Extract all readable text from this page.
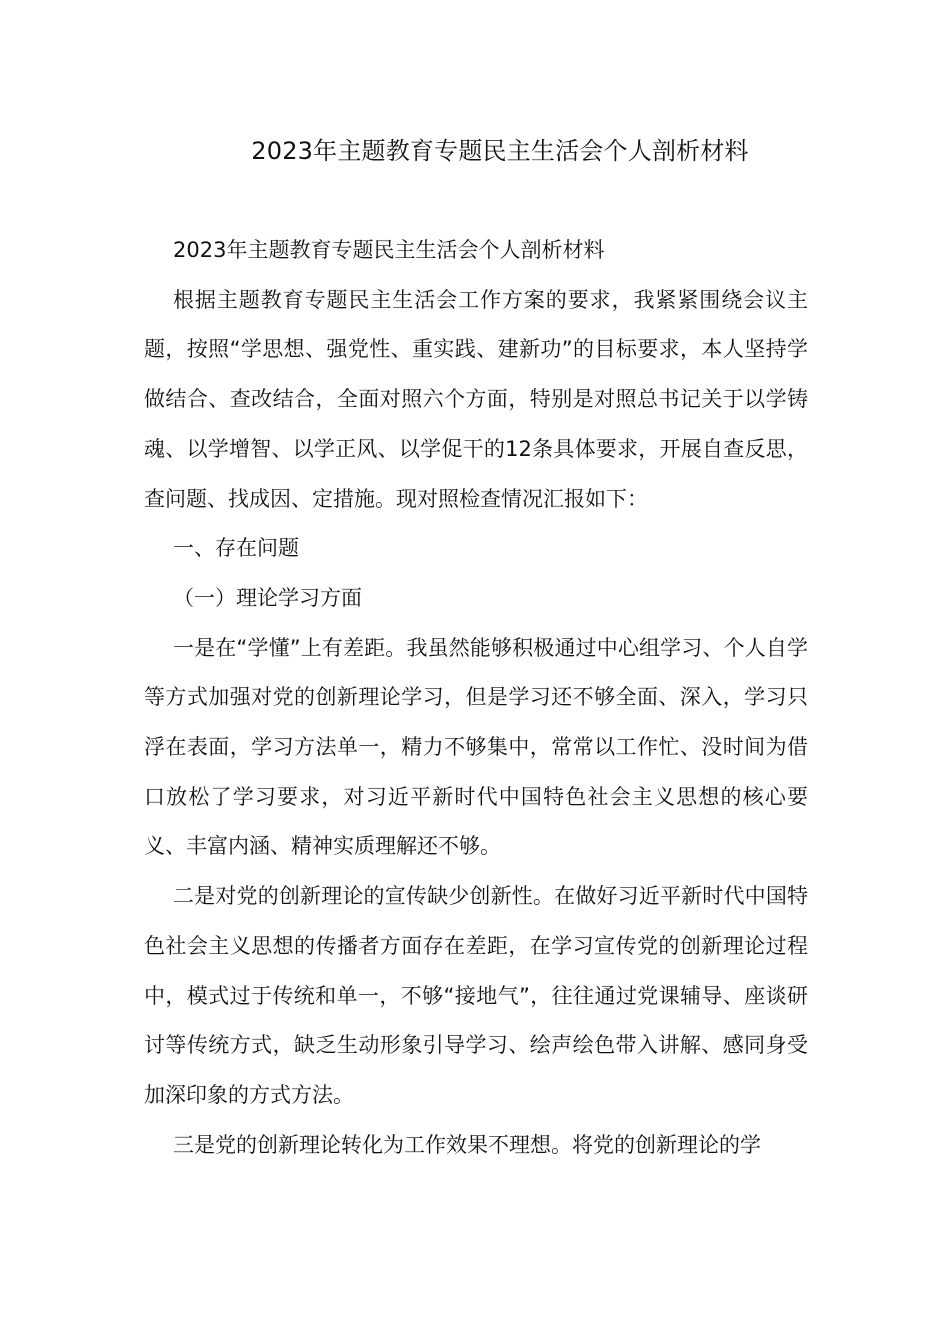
2023年主题教育专题民主生活会个人剖析材料

2023年主题教育专题民主生活会个人剖析材料

根据主题教育专题民主生活会工作方案的要求，我紧紧围绕会议主题，按照“学思想、强党性、重实践、建新功”的目标要求，本人坚持学做结合、查改结合，全面对照六个方面，特别是对照总书记关于以学铸魂、以学增智、以学正风、以学促干的12条具体要求，开展自查反思，查问题、找成因、定措施。现对照检查情况汇报如下：

一、存在问题

（一）理论学习方面

一是在“学懂”上有差距。我虽然能够积极通过中心组学习、个人自学等方式加强对党的创新理论学习，但是学习还不够全面、深入，学习只浮在表面，学习方法单一，精力不够集中，常常以工作忙、没时间为借口放松了学习要求，对习近平新时代中国特色社会主义思想的核心要义、丰富内涵、精神实质理解还不够。

二是对党的创新理论的宣传缺少创新性。在做好习近平新时代中国特色社会主义思想的传播者方面存在差距，在学习宣传党的创新理论过程中，模式过于传统和单一，不够“接地气”，往往通过党课辅导、座谈研讨等传统方式，缺乏生动形象引导学习、绘声绘色带入讲解、感同身受加深印象的方式方法。

三是党的创新理论转化为工作效果不理想。将党的创新理论的学
